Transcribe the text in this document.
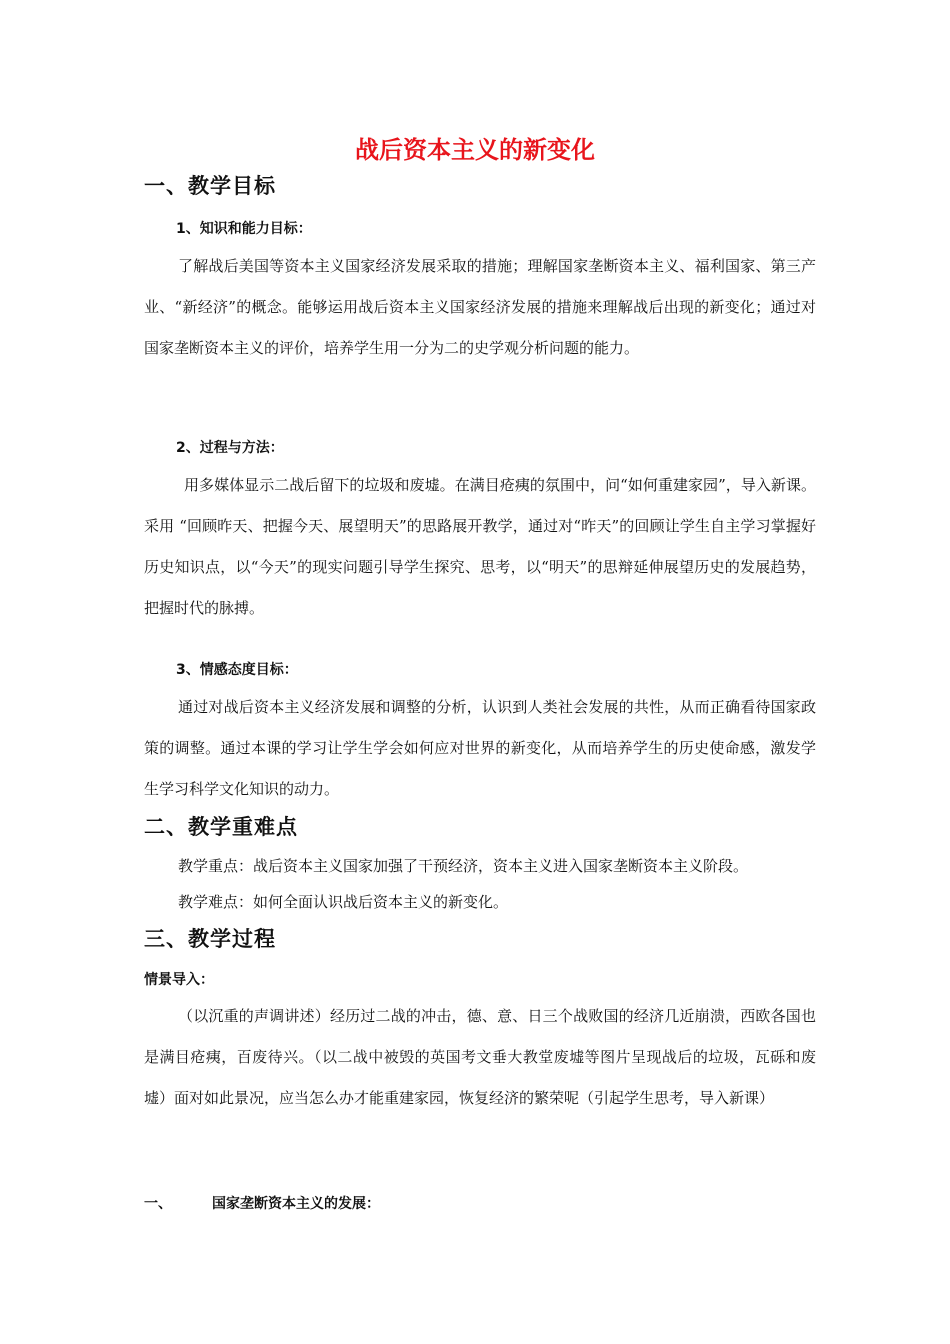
战后资本主义的新变化
一、教学目标
1、知识和能力目标：
了解战后美国等资本主义国家经济发展采取的措施；理解国家垄断资本主义、福利国家、第三产业、“新经济”的概念。能够运用战后资本主义国家经济发展的措施来理解战后出现的新变化；通过对国家垄断资本主义的评价，培养学生用一分为二的史学观分析问题的能力。
2、过程与方法：
用多媒体显示二战后留下的垃圾和废墟。在满目疮痍的氛围中，问“如何重建家园”，导入新课。采用 “回顾昨天、把握今天、展望明天”的思路展开教学，通过对“昨天”的回顾让学生自主学习掌握好历史知识点，以“今天”的现实问题引导学生探究、思考，以“明天”的思辩延伸展望历史的发展趋势，把握时代的脉搏。
3、情感态度目标：
通过对战后资本主义经济发展和调整的分析，认识到人类社会发展的共性，从而正确看待国家政策的调整。通过本课的学习让学生学会如何应对世界的新变化，从而培养学生的历史使命感，激发学生学习科学文化知识的动力。
二、教学重难点
教学重点：战后资本主义国家加强了干预经济，资本主义进入国家垄断资本主义阶段。
教学难点：如何全面认识战后资本主义的新变化。
三、教学过程
情景导入：
（以沉重的声调讲述）经历过二战的冲击，德、意、日三个战败国的经济几近崩溃，西欧各国也是满目疮痍，百废待兴。（以二战中被毁的英国考文垂大教堂废墟等图片呈现战后的垃圾，瓦砾和废墟）面对如此景况，应当怎么办才能重建家园，恢复经济的繁荣呢（引起学生思考，导入新课）
一、	国家垄断资本主义的发展：
